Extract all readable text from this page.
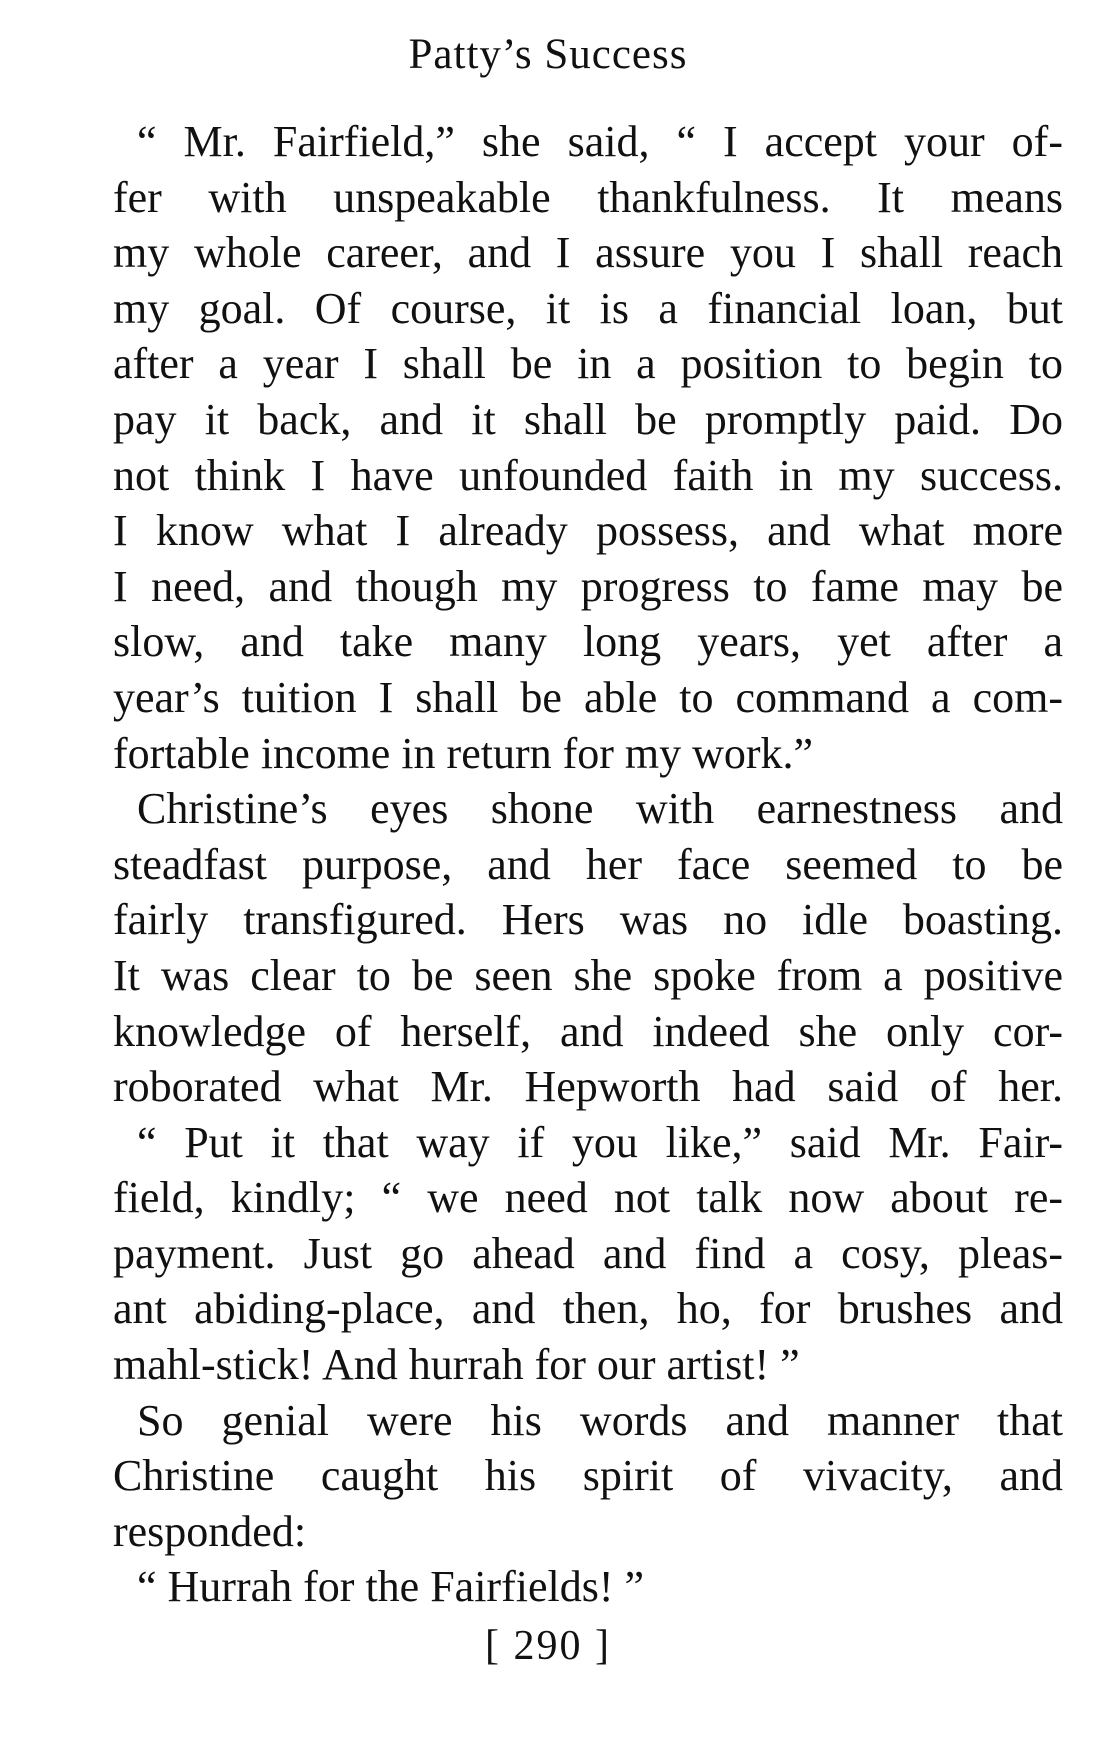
Patty’s Success
“ Mr. Fairfield,” she said, “ I accept your of-
fer with unspeakable thankfulness. It means
my whole career, and I assure you I shall reach
my goal. Of course, it is a financial loan, but
after a year I shall be in a position to begin to
pay it back, and it shall be promptly paid. Do
not think I have unfounded faith in my success.
I know what I already possess, and what more
I need, and though my progress to fame may be
slow, and take many long years, yet after a
year’s tuition I shall be able to command a com-
fortable income in return for my work.”
Christine’s eyes shone with earnestness and
steadfast purpose, and her face seemed to be
fairly transfigured. Hers was no idle boasting.
It was clear to be seen she spoke from a positive
knowledge of herself, and indeed she only cor-
roborated what Mr. Hepworth had said of her.
“ Put it that way if you like,” said Mr. Fair-
field, kindly; “ we need not talk now about re-
payment. Just go ahead and find a cosy, pleas-
ant abiding-place, and then, ho, for brushes and
mahl-stick! And hurrah for our artist! ”
So genial were his words and manner that
Christine caught his spirit of vivacity, and
responded:
“ Hurrah for the Fairfields! ”
[ 290 ]
